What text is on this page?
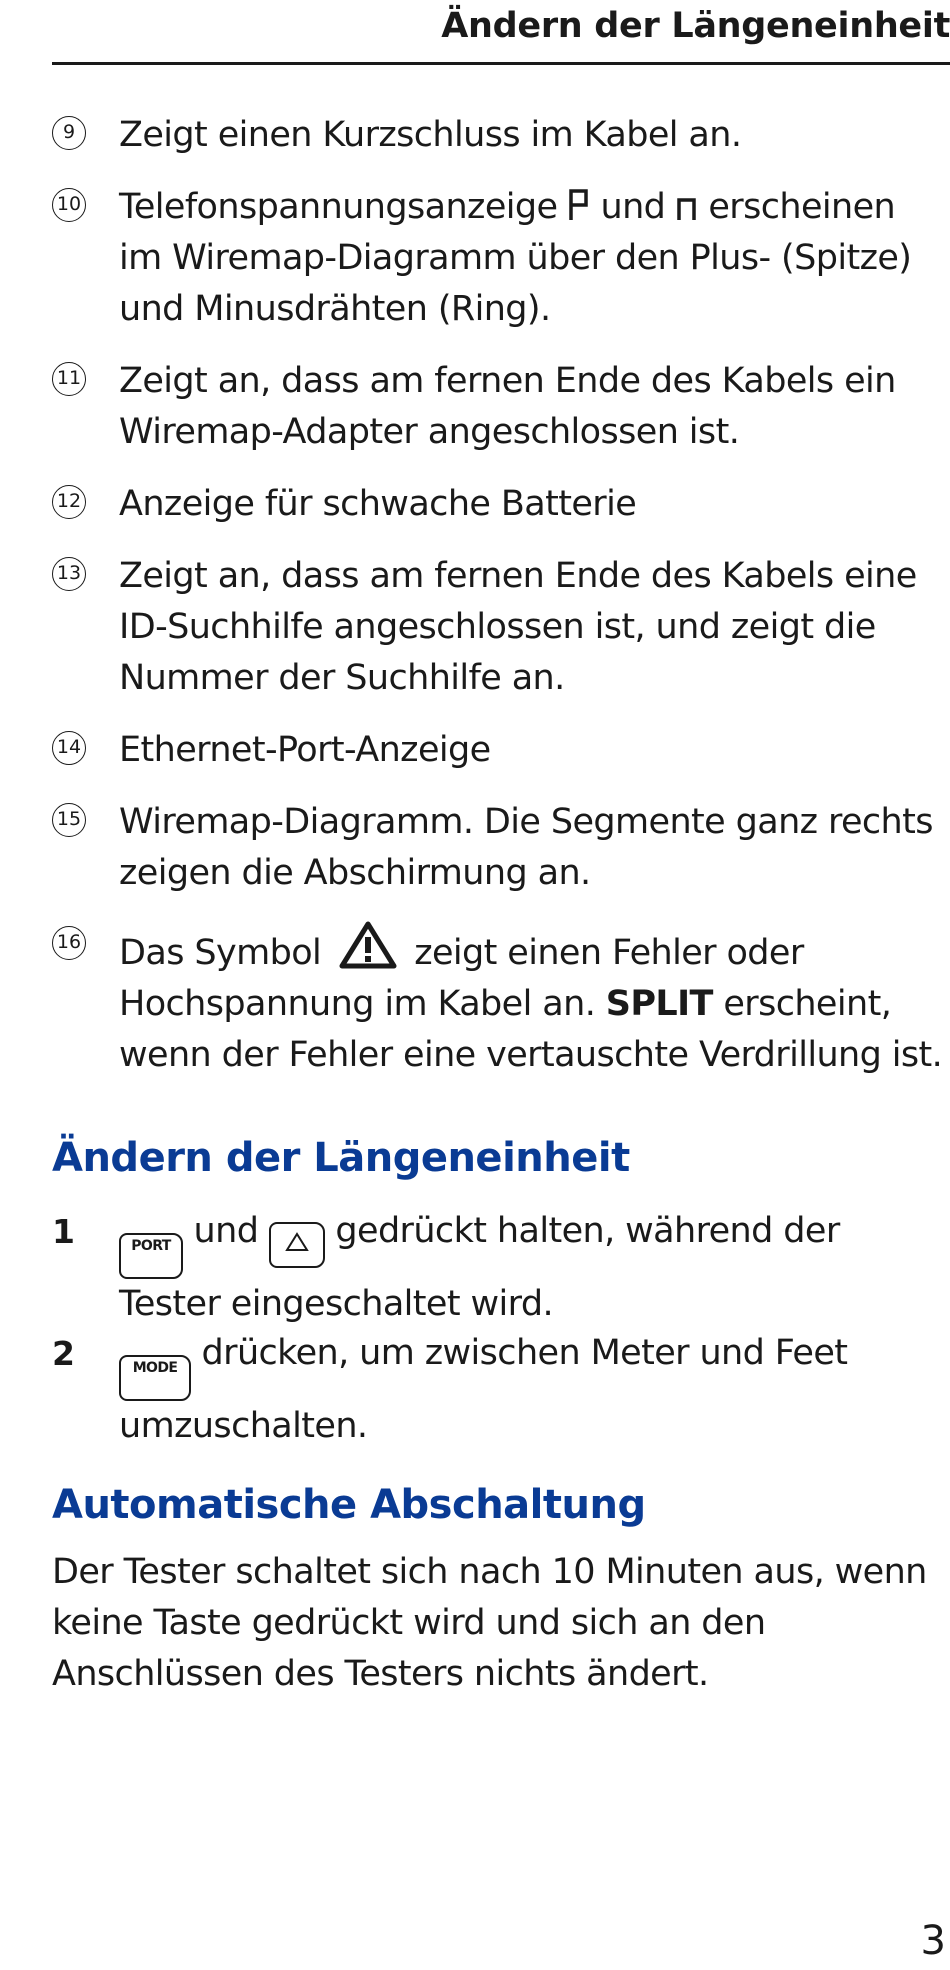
Ändern der Längeneinheit
9	Zeigt einen Kurzschluss im Kabel an.
10 Telefonspannungsanzeige und erscheinen im Wiremap-Diagramm über den Plus- (Spitze) und Minusdrähten (Ring).
11 Zeigt an, dass am fernen Ende des Kabels ein Wiremap-Adapter angeschlossen ist.
12 Anzeige für schwache Batterie
13 Zeigt an, dass am fernen Ende des Kabels eine ID-Suchhilfe angeschlossen ist, und zeigt die Nummer der Suchhilfe an.
14 Ethernet-Port-Anzeige
15 Wiremap-Diagramm. Die Segmente ganz rechts zeigen die Abschirmung an.
16 Das Symbol	zeigt einen Fehler oder Hochspannung im Kabel an. SPLIT erscheint, wenn der Fehler eine vertauschte Verdrillung ist.
Ändern der Längeneinheit
1	PORT und gedrückt halten, während der Tester eingeschaltet wird.
2	MODE drücken, um zwischen Meter und Feet umzuschalten.
Automatische Abschaltung
Der Tester schaltet sich nach 10 Minuten aus, wenn keine Taste gedrückt wird und sich an den Anschlüssen des Testers nichts ändert.
3
